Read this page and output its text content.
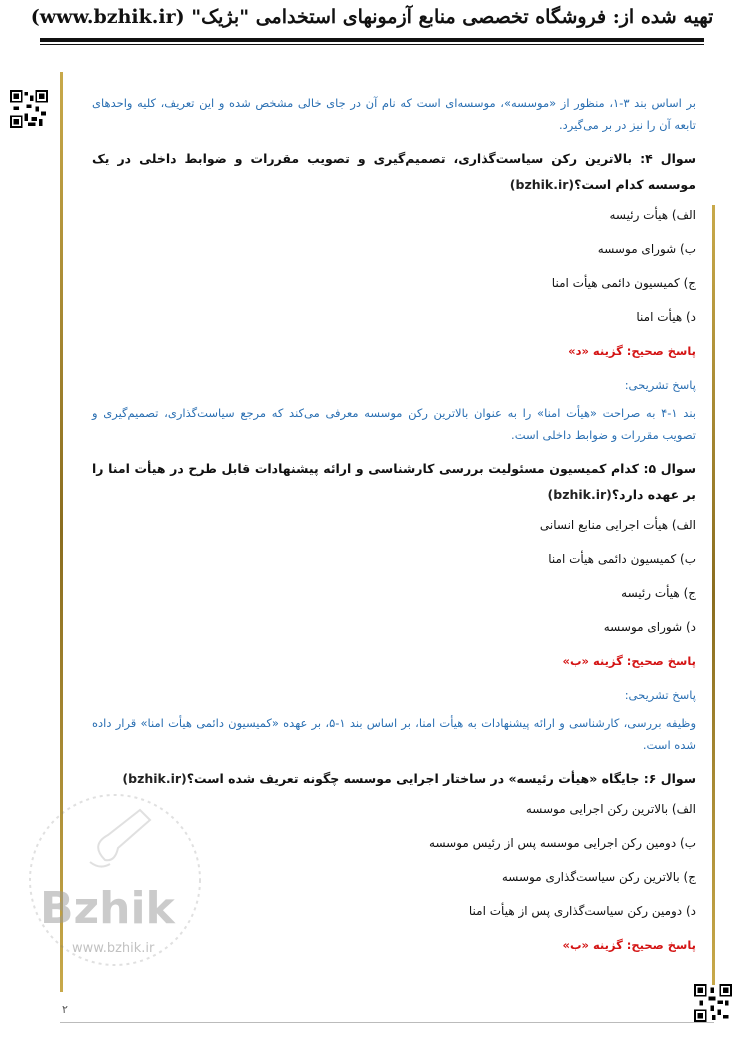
تهیه شده از: فروشگاه تخصصی منابع آزمونهای استخدامی "بژیک" (www.bzhik.ir)
Bzhik
www.bzhik.ir
بر اساس بند ۳-۱، منظور از «موسسه»، موسسه‌ای است که نام آن در جای خالی مشخص شده و این تعریف، کلیه واحدهای تابعه آن را نیز در بر می‌گیرد.
سوال ۴: بالاترین رکن سیاست‌گذاری، تصمیم‌گیری و تصویب مقررات و ضوابط داخلی در یک موسسه کدام است؟(bzhik.ir)
الف) هیأت رئیسه
ب) شورای موسسه
ج) کمیسیون دائمی هیأت امنا
د) هیأت امنا
پاسخ صحیح: گزینه «د»
پاسخ تشریحی:
بند ۱-۴ به صراحت «هیأت امنا» را به عنوان بالاترین رکن موسسه معرفی می‌کند که مرجع سیاست‌گذاری، تصمیم‌گیری و تصویب مقررات و ضوابط داخلی است.
سوال ۵: کدام کمیسیون مسئولیت بررسی کارشناسی و ارائه پیشنهادات قابل طرح در هیأت امنا را بر عهده دارد؟(bzhik.ir)
الف) هیأت اجرایی منابع انسانی
ب) کمیسیون دائمی هیأت امنا
ج) هیأت رئیسه
د) شورای موسسه
پاسخ صحیح: گزینه «ب»
پاسخ تشریحی:
وظیفه بررسی، کارشناسی و ارائه پیشنهادات به هیأت امنا، بر اساس بند ۱-۵، بر عهده «کمیسیون دائمی هیأت امنا» قرار داده شده است.
سوال ۶: جایگاه «هیأت رئیسه» در ساختار اجرایی موسسه چگونه تعریف شده است؟(bzhik.ir)
الف) بالاترین رکن اجرایی موسسه
ب) دومین رکن اجرایی موسسه پس از رئیس موسسه
ج) بالاترین رکن سیاست‌گذاری موسسه
د) دومین رکن سیاست‌گذاری پس از هیأت امنا
پاسخ صحیح: گزینه «ب»
۲
